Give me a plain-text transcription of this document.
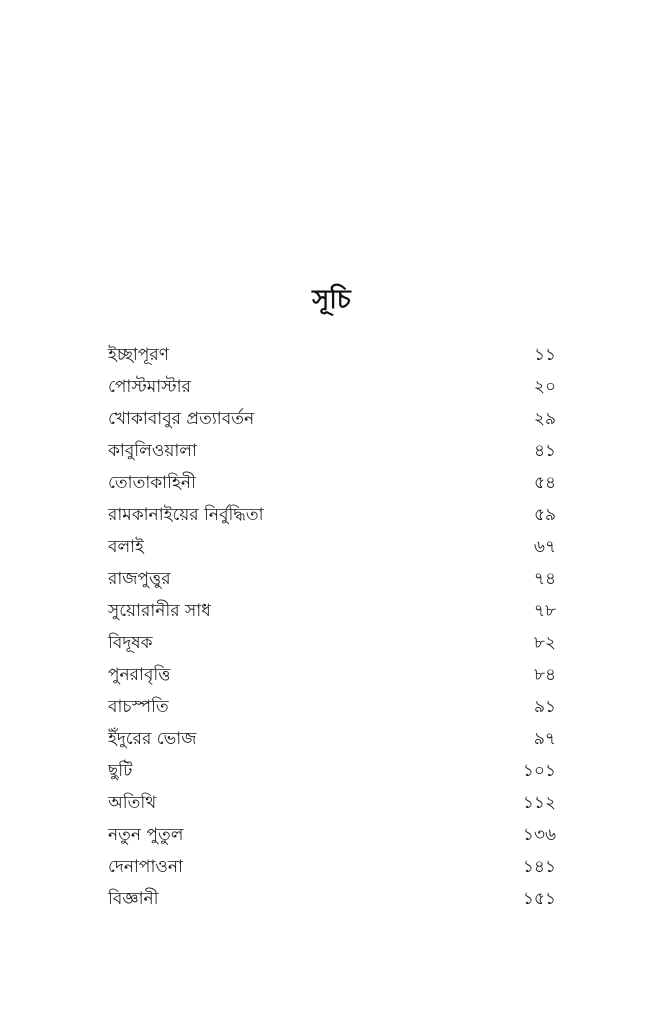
সূচি
ইচ্ছাপূরণ	১১
পোস্টমাস্টার	২০
খোকাবাবুর প্রত্যাবর্তন	২৯
কাবুলিওয়ালা	৪১
তোতাকাহিনী	৫৪
রামকানাইয়ের নির্বুদ্ধিতা	৫৯
বলাই	৬৭
রাজপুত্তুর	৭৪
সুয়োরানীর সাধ	৭৮
বিদূষক	৮২
পুনরাবৃত্তি	৮৪
বাচস্পতি	৯১
ইঁদুরের ভোজ	৯৭
ছুটি	১০১
অতিথি	১১২
নতুন পুতুল	১৩৬
দেনাপাওনা	১৪১
বিজ্ঞানী	১৫১
